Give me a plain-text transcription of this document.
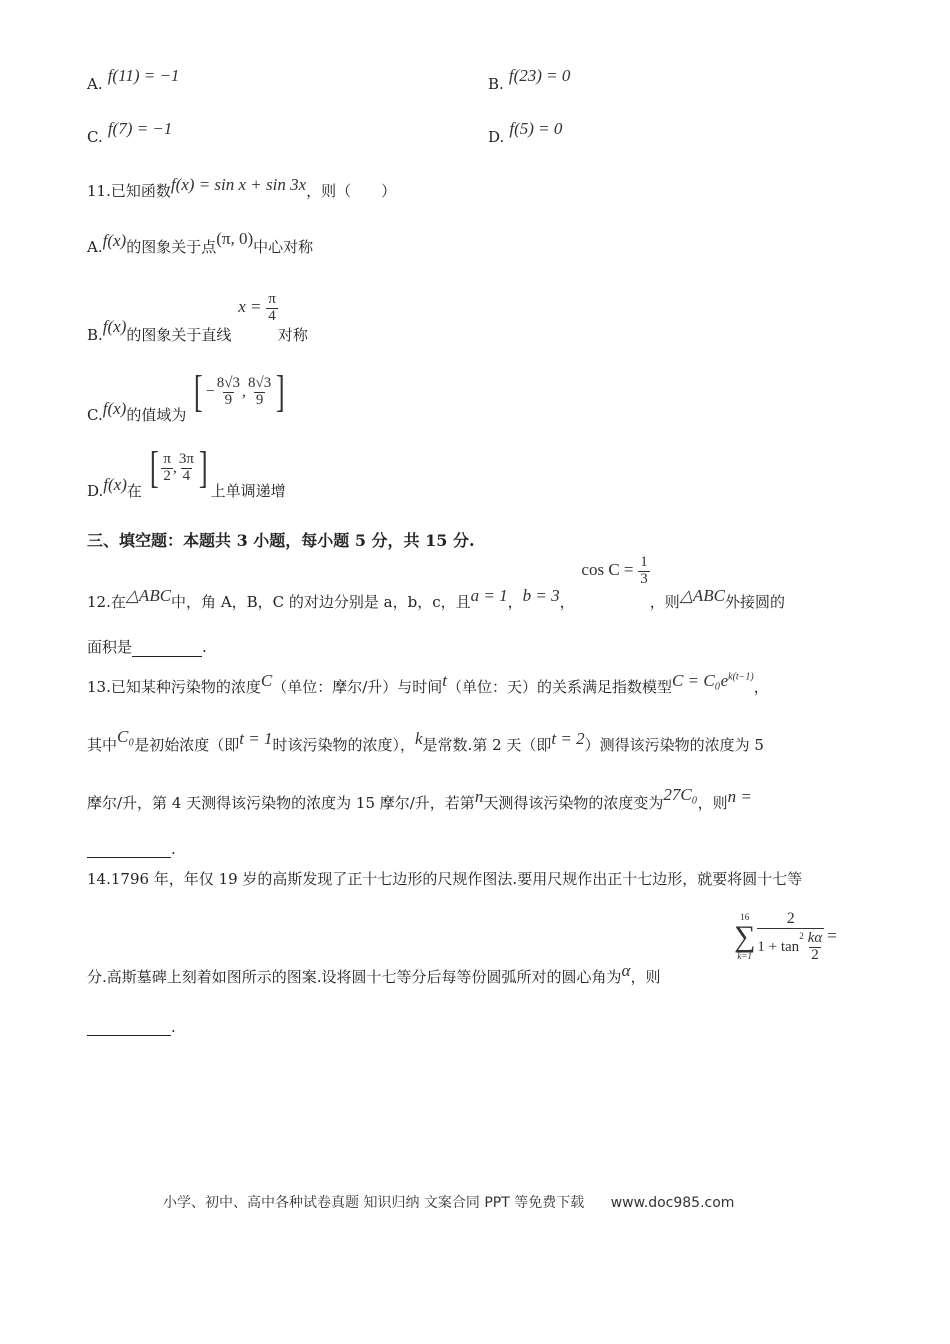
A. f(11) = −1	B. f(23) = 0
C. f(7) = −1	D. f(5) = 0
11.已知函数f(x) = sin x + sin 3x，则（　　）
A.f(x)的图象关于点(π, 0)中心对称
B.f(x)的图象关于直线 $x = \frac{\pi}{4}$
对称
C.f(x)的值域为 [ − $\frac{8√3}{9}$ , $\frac{8√3}{9}$ ]
D.f(x)在 [ $\frac{\pi}{2}$ , $\frac{3\pi}{4}$ ] 上单调递增
三、填空题：本题共 3 小题，每小题 5 分，共 15 分.
12.在△ABC中，角 A，B，C 的对边分别是 a，b，c，且a = 1，b = 3， $\cos C = \frac{1}{3}$
，则△ABC外接圆的
面积是	.
13.已知某种污染物的浓度C（单位：摩尔/升）与时间t（单位：天）的关系满足指数模型$C = C_0e^{k(t-1)}$，
其中C₀是初始浓度（即t = 1时该污染物的浓度），k是常数.第 2 天（即t = 2）测得该污染物的浓度为 5
摩尔/升，第 4 天测得该污染物的浓度为 15 摩尔/升，若第n天测得该污染物的浓度变为27C₀，则n =
.
14.1796 年，年仅 19 岁的高斯发现了正十七边形的尺规作图法.要用尺规作出正十七边形，就要将圆十七等
分.高斯墓碑上刻着如图所示的图案.设将圆十七等分后每等份圆弧所对的圆心角为α，则
16
∑
k=1 2
1 + tan
$^2 \frac{k\alpha}{2}$ =
.
小学、初中、高中各种试卷真题 知识归纳 文案合同 PPT 等免费下载 www.doc985.com
